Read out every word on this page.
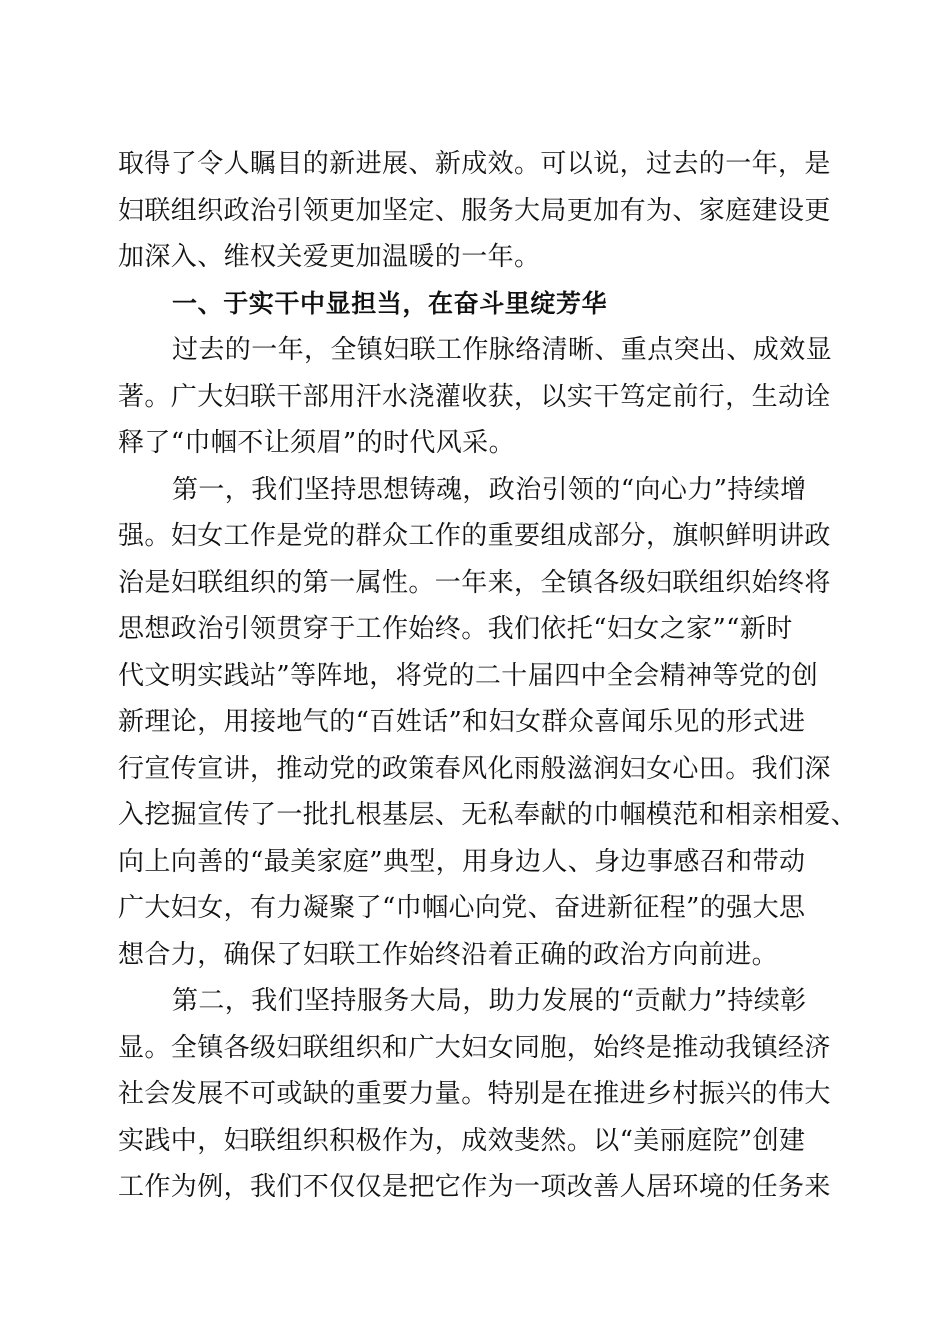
取得了令人瞩目的新进展、新成效。可以说，过去的一年，是
妇联组织政治引领更加坚定、服务大局更加有为、家庭建设更
加深入、维权关爱更加温暖的一年。
一、于实干中显担当，在奋斗里绽芳华
过去的一年，全镇妇联工作脉络清晰、重点突出、成效显
著。广大妇联干部用汗水浇灌收获，以实干笃定前行，生动诠
释了“巾帼不让须眉”的时代风采。
第一，我们坚持思想铸魂，政治引领的“向心力”持续增
强。妇女工作是党的群众工作的重要组成部分，旗帜鲜明讲政
治是妇联组织的第一属性。一年来，全镇各级妇联组织始终将
思想政治引领贯穿于工作始终。我们依托“妇女之家”“新时
代文明实践站”等阵地，将党的二十届四中全会精神等党的创
新理论，用接地气的“百姓话”和妇女群众喜闻乐见的形式进
行宣传宣讲，推动党的政策春风化雨般滋润妇女心田。我们深
入挖掘宣传了一批扎根基层、无私奉献的巾帼模范和相亲相爱、
向上向善的“最美家庭”典型，用身边人、身边事感召和带动
广大妇女，有力凝聚了“巾帼心向党、奋进新征程”的强大思
想合力，确保了妇联工作始终沿着正确的政治方向前进。
第二，我们坚持服务大局，助力发展的“贡献力”持续彰
显。全镇各级妇联组织和广大妇女同胞，始终是推动我镇经济
社会发展不可或缺的重要力量。特别是在推进乡村振兴的伟大
实践中，妇联组织积极作为，成效斐然。以“美丽庭院”创建
工作为例，我们不仅仅是把它作为一项改善人居环境的任务来
